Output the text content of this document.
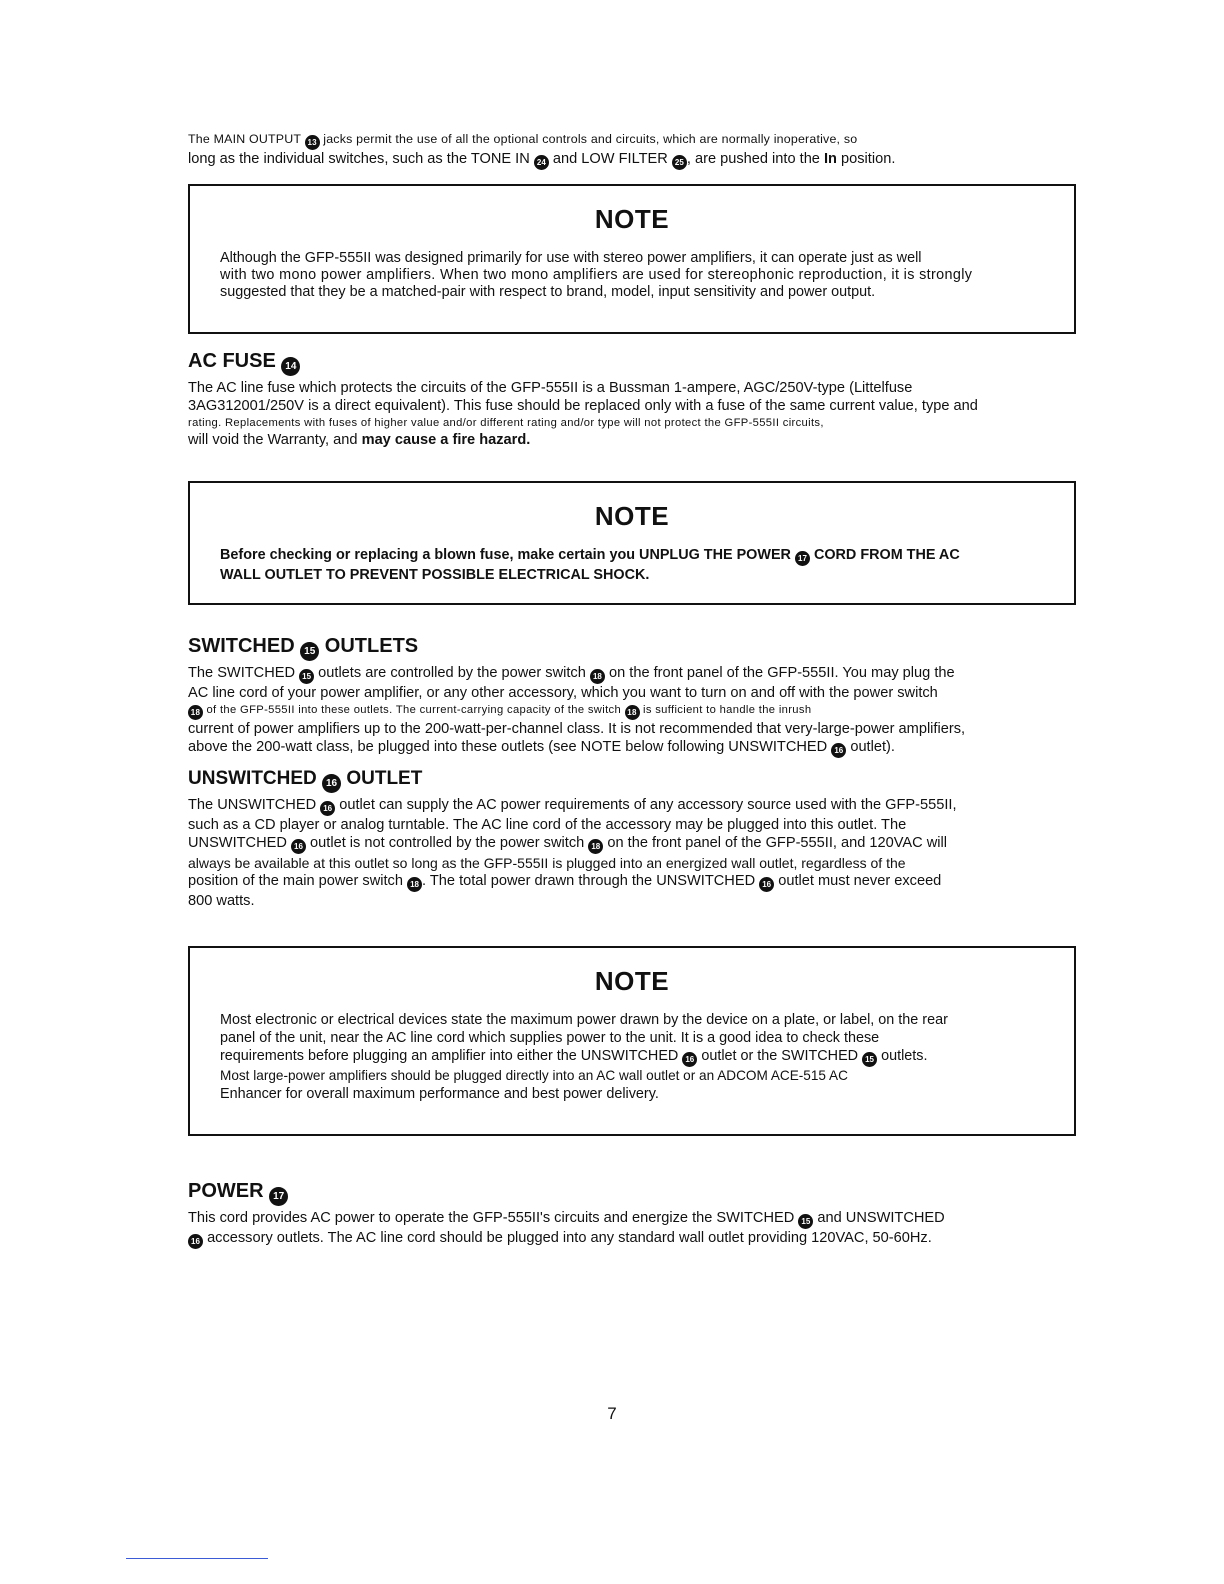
The MAIN OUTPUT 13 jacks permit the use of all the optional controls and circuits, which are normally inoperative, so

long as the individual switches, such as the TONE IN 24 and LOW FILTER 25 , are pushed into the In position.

NOTE

Although the GFP-555II was designed primarily for use with stereo power amplifiers, it can operate just as well

with two mono power amplifiers. When two mono amplifiers are used for stereophonic reproduction, it is strongly

suggested that they be a matched-pair with respect to brand, model, input sensitivity and power output.

AC FUSE 14

The AC line fuse which protects the circuits of the GFP-555II is a Bussman 1-ampere, AGC/250V-type (Littelfuse

3AG312001/250V is a direct equivalent). This fuse should be replaced only with a fuse of the same current value, type and

rating. Replacements with fuses of higher value and/or different rating and/or type will not protect the GFP-555II circuits,

will void the Warranty, and may cause a fire hazard.

NOTE

Before checking or replacing a blown fuse, make certain you UNPLUG THE POWER 17 CORD FROM THE AC

WALL OUTLET TO PREVENT POSSIBLE ELECTRICAL SHOCK.

SWITCHED 15 OUTLETS

The SWITCHED 15 outlets are controlled by the power switch 18 on the front panel of the GFP-555II. You may plug the

AC line cord of your power amplifier, or any other accessory, which you want to turn on and off with the power switch

18 of the GFP-555II into these outlets. The current-carrying capacity of the switch 18 is sufficient to handle the inrush

current of power amplifiers up to the 200-watt-per-channel class. It is not recommended that very-large-power amplifiers,

above the 200-watt class, be plugged into these outlets (see NOTE below following UNSWITCHED 16 outlet).

UNSWITCHED 16 OUTLET

The UNSWITCHED 16 outlet can supply the AC power requirements of any accessory source used with the GFP-555II,

such as a CD player or analog turntable. The AC line cord of the accessory may be plugged into this outlet. The

UNSWITCHED 16 outlet is not controlled by the power switch 18 on the front panel of the GFP-555II, and 120VAC will

always be available at this outlet so long as the GFP-555II is plugged into an energized wall outlet, regardless of the

position of the main power switch 18 . The total power drawn through the UNSWITCHED 16 outlet must never exceed

800 watts.

NOTE

Most electronic or electrical devices state the maximum power drawn by the device on a plate, or label, on the rear

panel of the unit, near the AC line cord which supplies power to the unit. It is a good idea to check these

requirements before plugging an amplifier into either the UNSWITCHED 16 outlet or the SWITCHED 15 outlets.

Most large-power amplifiers should be plugged directly into an AC wall outlet or an ADCOM ACE-515 AC

Enhancer for overall maximum performance and best power delivery.

POWER 17

This cord provides AC power to operate the GFP-555II's circuits and energize the SWITCHED 15 and UNSWITCHED

16 accessory outlets. The AC line cord should be plugged into any standard wall outlet providing 120VAC, 50-60Hz.

7
